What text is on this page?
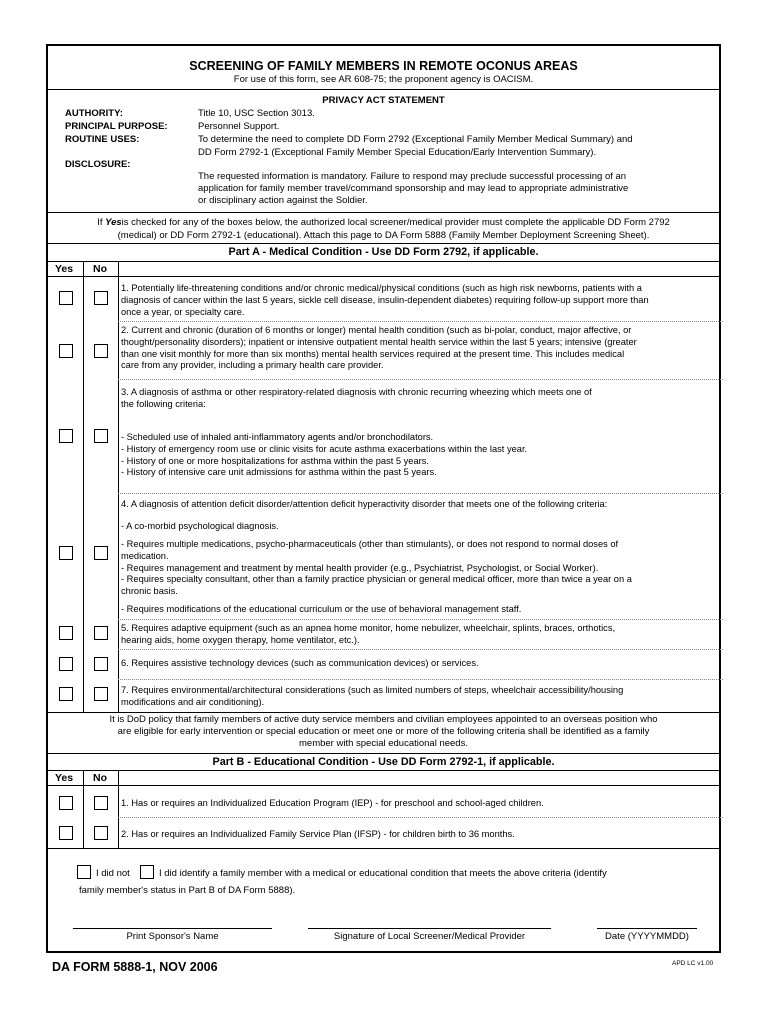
SCREENING OF FAMILY MEMBERS IN REMOTE OCONUS AREAS
For use of this form, see AR 608-75; the proponent agency is OACISM.
PRIVACY ACT STATEMENT
AUTHORITY:	Title 10, USC Section 3013.
PRINCIPAL PURPOSE:	Personnel Support.
ROUTINE USES:	To determine the need to complete DD Form 2792 (Exceptional Family Member Medical Summary) and
DD Form 2792-1 (Exceptional Family Member Special Education/Early Intervention Summary).
DISCLOSURE:
The requested information is mandatory. Failure to respond may preclude successful processing of an
application for family member travel/command sponsorship and may lead to appropriate administrative
or disciplinary action against the Soldier.
If Yesis checked for any of the boxes below, the authorized local screener/medical provider must complete the applicable DD Form 2792
(medical) or DD Form 2792-1 (educational). Attach this page to DA Form 5888 (Family Member Deployment Screening Sheet).
Part A - Medical Condition - Use DD Form 2792, if applicable.
Yes No

1. Potentially life-threatening conditions and/or chronic medical/physical conditions (such as high risk newborns, patients with a

diagnosis of cancer within the last 5 years, sickle cell disease, insulin-dependent diabetes) requiring follow-up support more than

once a year, or specialty care.

2. Current and chronic (duration of 6 months or longer) mental health condition (such as bi-polar, conduct, major affective, or

thought/personality disorders); inpatient or intensive outpatient mental health service within the last 5 years; intensive (greater

than one visit monthly for more than six months) mental health services required at the present time. This includes medical

care from any provider, including a primary health care provider.

3. A diagnosis of asthma or other respiratory-related diagnosis with chronic recurring wheezing which meets one of

the following criteria:

- Scheduled use of inhaled anti-inflammatory agents and/or bronchodilators.

- History of emergency room use or clinic visits for acute asthma exacerbations within the last year.

- History of one or more hospitalizations for asthma within the past 5 years.

- History of intensive care unit admissions for asthma within the past 5 years.

4. A diagnosis of attention deficit disorder/attention deficit hyperactivity disorder that meets one of the following criteria:
- A co-morbid psychological diagnosis.

- Requires multiple medications, psycho-pharmaceuticals (other than stimulants), or does not respond to normal doses of

medication.

- Requires management and treatment by mental health provider (e.g., Psychiatrist, Psychologist, or Social Worker).

- Requires specialty consultant, other than a family practice physician or general medical officer, more than twice a year on a

chronic basis.

- Requires modifications of the educational curriculum or the use of behavioral management staff.

5. Requires adaptive equipment (such as an apnea home monitor, home nebulizer, wheelchair, splints, braces, orthotics,

hearing aids, home oxygen therapy, home ventilator, etc.).

6. Requires assistive technology devices (such as communication devices) or services.

7. Requires environmental/architectural considerations (such as limited numbers of steps, wheelchair accessibility/housing

modifications and air conditioning).

It is DoD policy that family members of active duty service members and civilian employees appointed to an overseas position who
are eligible for early intervention or special education or meet one or more of the following criteria shall be identified as a family
member with special educational needs.
Part B - Educational Condition - Use DD Form 2792-1, if applicable.
Yes No
1. Has or requires an Individualized Education Program (IEP) - for preschool and school-aged children.
2. Has or requires an Individualized Family Service Plan (IFSP) - for children birth to 36 months.
I did not	I did identify a family member with a medical or educational condition that meets the above criteria (identify
family member's status in Part B of DA Form 5888).
Print Sponsor's Name	Signature of Local Screener/Medical Provider	Date (YYYYMMDD)
DA FORM 5888-1, NOV 2006	APD LC v1.00
